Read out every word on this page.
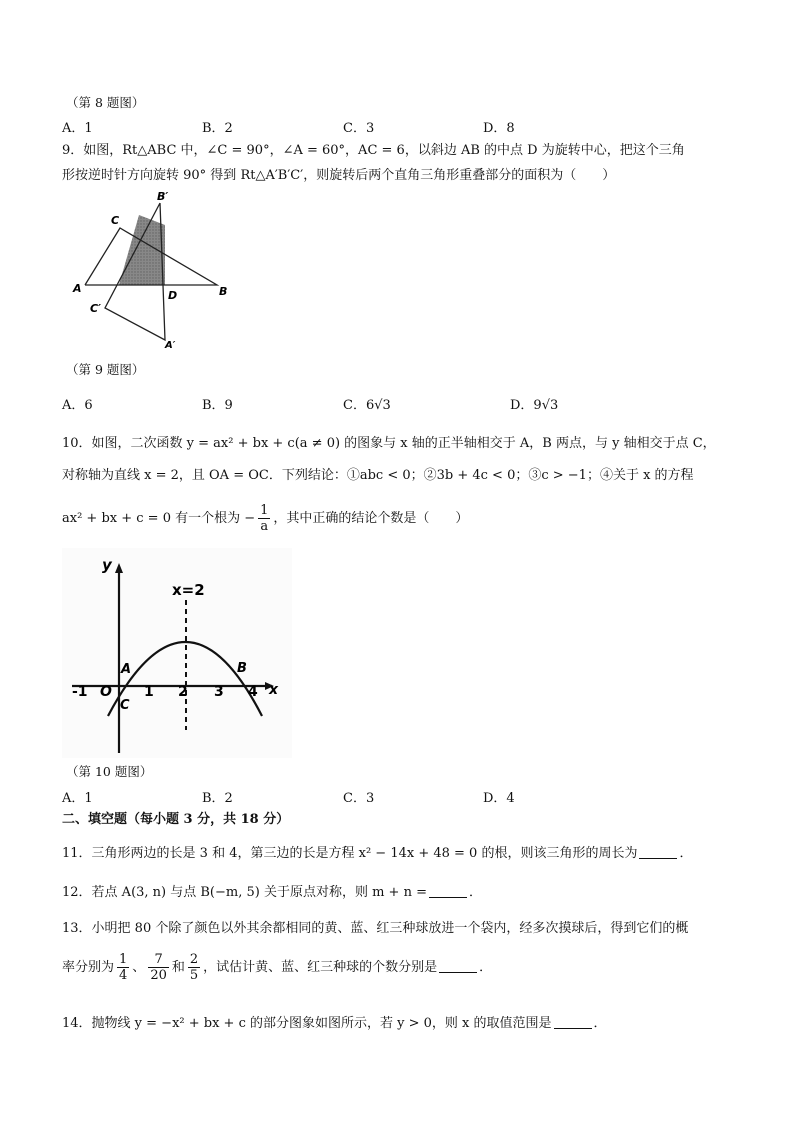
（第 8 题图）
A．1	B．2	C．3	D．8
9．如图，Rt△ABC 中，∠C = 90°，∠A = 60°，AC = 6，以斜边 AB 的中点 D 为旋转中心，把这个三角
形按逆时针方向旋转 90° 得到 Rt△A′B′C′，则旋转后两个直角三角形重叠部分的面积为（　　）
C
B′
A
D	B
C′
A′
（第 9 题图）
A．6	B．9	C．6√3	D．9√3
10．如图，二次函数 y = ax² + bx + c(a ≠ 0) 的图象与 x 轴的正半轴相交于 A，B 两点，与 y 轴相交于点 C，
对称轴为直线 x = 2，且 OA = OC．下列结论：①abc < 0；②3b + 4c < 0；③c > −1；④关于 x 的方程
ax² + bx + c = 0 有一个根为 − $\frac{1}{a}$ ，其中正确的结论个数是（　　）
y
x
x=2
A	B
C
O
-1	1 2 3 4
（第 10 题图）
A．1	B．2	C．3	D．4
二、填空题（每小题 3 分，共 18 分）
11．三角形两边的长是 3 和 4，第三边的长是方程 x² − 14x + 48 = 0 的根，则该三角形的周长为	．
12．若点 A(3, n) 与点 B(−m, 5) 关于原点对称，则 m + n =	．
13．小明把 80 个除了颜色以外其余都相同的黄、蓝、红三种球放进一个袋内，经多次摸球后，得到它们的概
率分别为 $\frac{1}{4}$ 、 $\frac{7}{20}$ 和 $\frac{2}{5}$ ，试估计黄、蓝、红三种球的个数分别是	．
14．抛物线 y = −x² + bx + c 的部分图象如图所示，若 y > 0，则 x 的取值范围是	．
